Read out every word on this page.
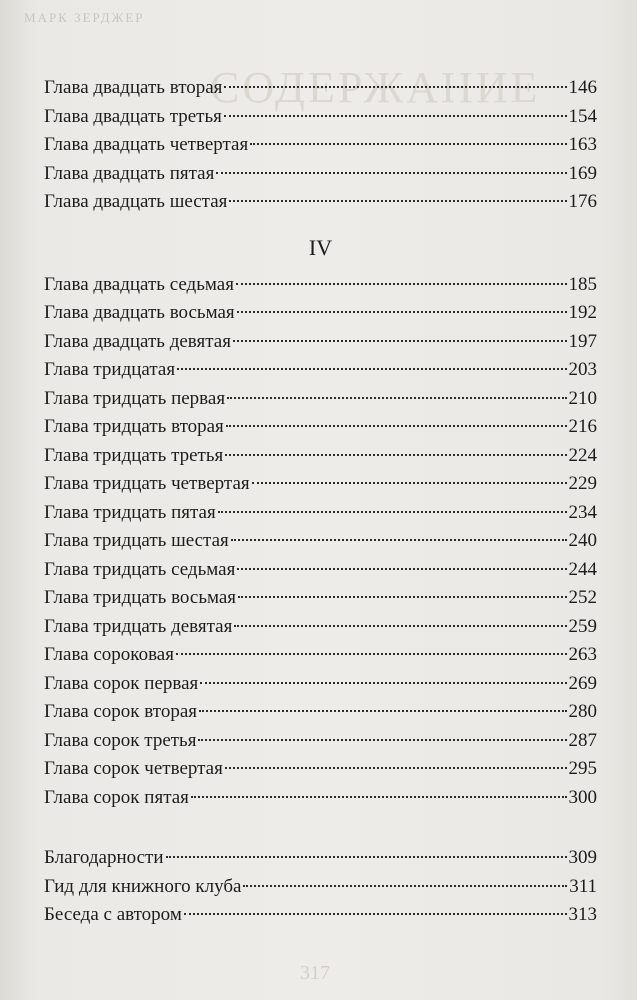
МАРК ЗЕРДЖЕР
СОДЕРЖАНИЕ
317
Глава двадцать вторая	146
Глава двадцать третья	154
Глава двадцать четвертая	163
Глава двадцать пятая	169
Глава двадцать шестая	176
IV
Глава двадцать седьмая	185
Глава двадцать восьмая	192
Глава двадцать девятая	197
Глава тридцатая	203
Глава тридцать первая	210
Глава тридцать вторая	216
Глава тридцать третья	224
Глава тридцать четвертая	229
Глава тридцать пятая	234
Глава тридцать шестая	240
Глава тридцать седьмая	244
Глава тридцать восьмая	252
Глава тридцать девятая	259
Глава сороковая	263
Глава сорок первая	269
Глава сорок вторая	280
Глава сорок третья	287
Глава сорок четвертая	295
Глава сорок пятая	300
Благодарности	309
Гид для книжного клуба	311
Беседа с автором	313
